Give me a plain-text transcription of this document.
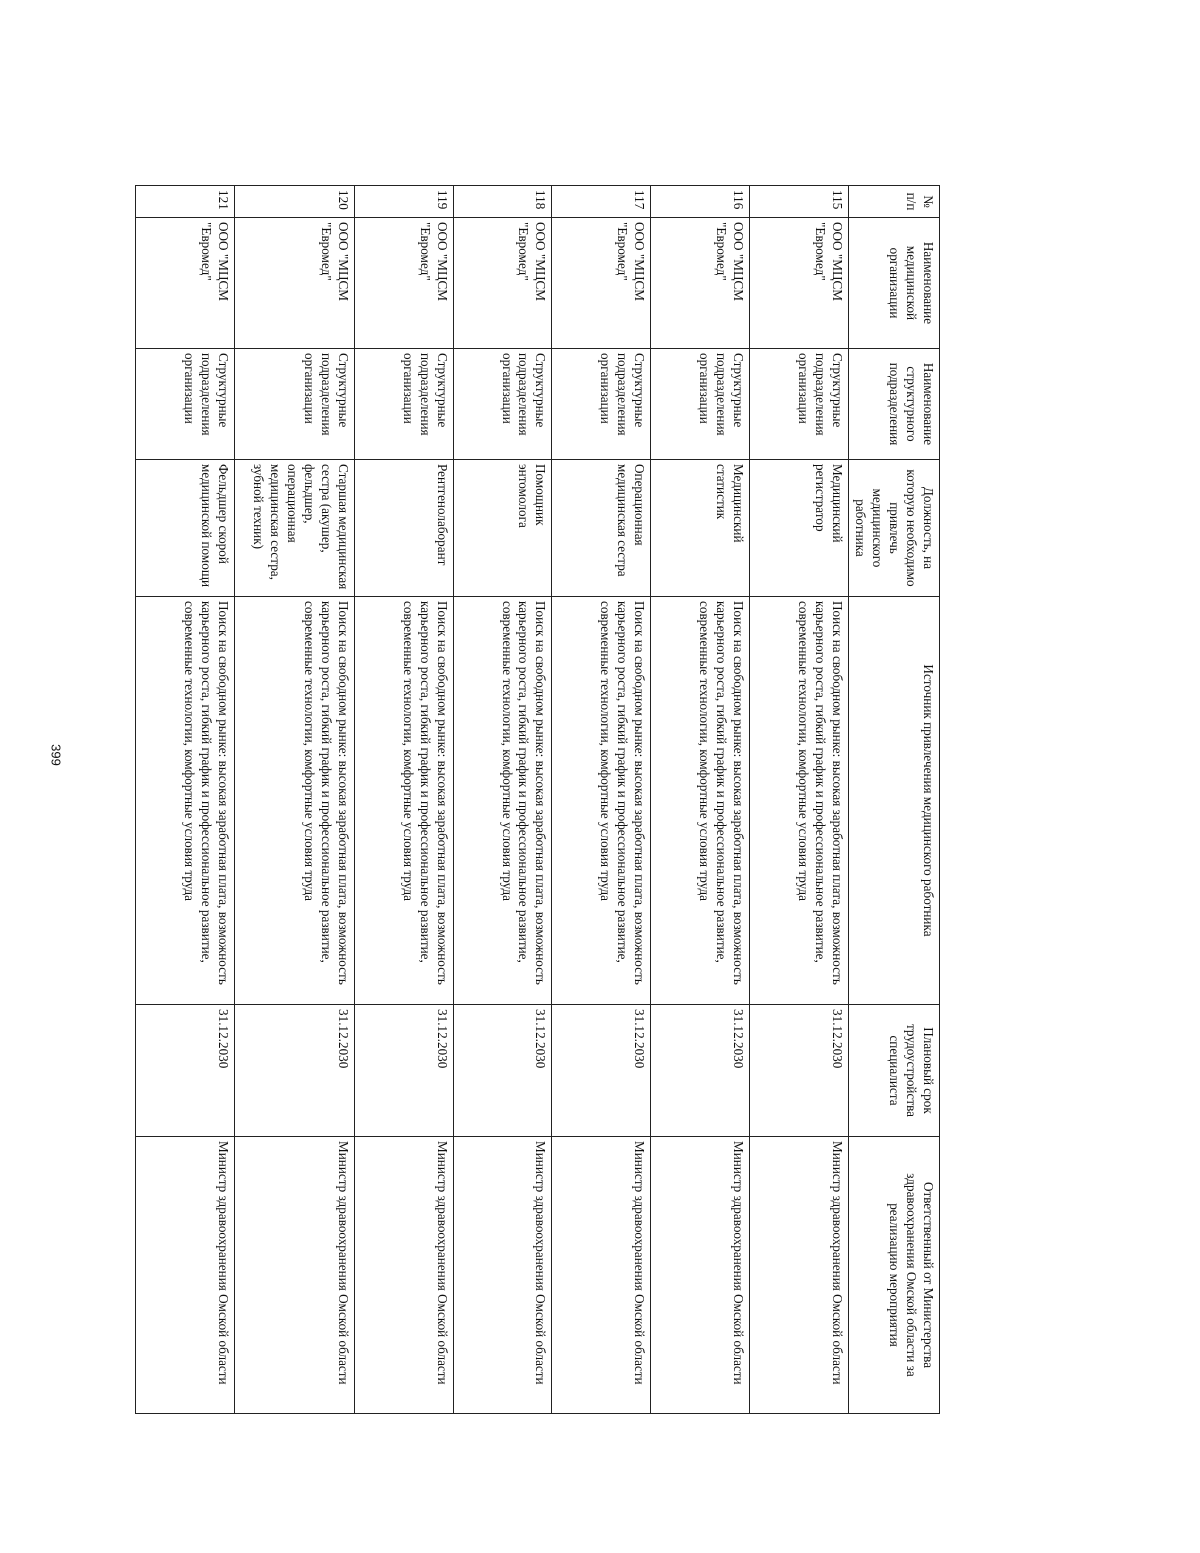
399
№ п/п	Наименование медицинской организации	Наименование структурного подразделения	Должность, на которую необходимо привлечь медицинского работника	Источник привлечения медицинского работника	Плановый срок трудоустройства специалиста	Ответственный от Министерства здравоохранения Омской области за реализацию мероприятия
115	ООО "МЦСМ "Евромед"	Структурные подразделения организации	Медицинский регистратор	Поиск на свободном рынке: высокая заработная плата, возможность карьерного роста, гибкий график и профессиональное развитие, современные технологии, комфортные условия труда	31.12.2030	Министр здравоохранения Омской области
116	ООО "МЦСМ "Евромед"	Структурные подразделения организации	Медицинский статистик	Поиск на свободном рынке: высокая заработная плата, возможность карьерного роста, гибкий график и профессиональное развитие, современные технологии, комфортные условия труда	31.12.2030	Министр здравоохранения Омской области
117	ООО "МЦСМ "Евромед"	Структурные подразделения организации	Операционная медицинская сестра	Поиск на свободном рынке: высокая заработная плата, возможность карьерного роста, гибкий график и профессиональное развитие, современные технологии, комфортные условия труда	31.12.2030	Министр здравоохранения Омской области
118	ООО "МЦСМ "Евромед"	Структурные подразделения организации	Помощник энтомолога	Поиск на свободном рынке: высокая заработная плата, возможность карьерного роста, гибкий график и профессиональное развитие, современные технологии, комфортные условия труда	31.12.2030	Министр здравоохранения Омской области
119	ООО "МЦСМ "Евромед"	Структурные подразделения организации	Рентгенолаборант	Поиск на свободном рынке: высокая заработная плата, возможность карьерного роста, гибкий график и профессиональное развитие, современные технологии, комфортные условия труда	31.12.2030	Министр здравоохранения Омской области
120	ООО "МЦСМ "Евромед"	Структурные подразделения организации	Старшая медицинская сестра (акушер, фельдшер, операционная медицинская сестра, зубной техник)	Поиск на свободном рынке: высокая заработная плата, возможность карьерного роста, гибкий график и профессиональное развитие, современные технологии, комфортные условия труда	31.12.2030	Министр здравоохранения Омской области
121	ООО "МЦСМ "Евромед"	Структурные подразделения организации	Фельдшер скорой медицинской помощи	Поиск на свободном рынке: высокая заработная плата, возможность карьерного роста, гибкий график и профессиональное развитие, современные технологии, комфортные условия труда	31.12.2030	Министр здравоохранения Омской области
